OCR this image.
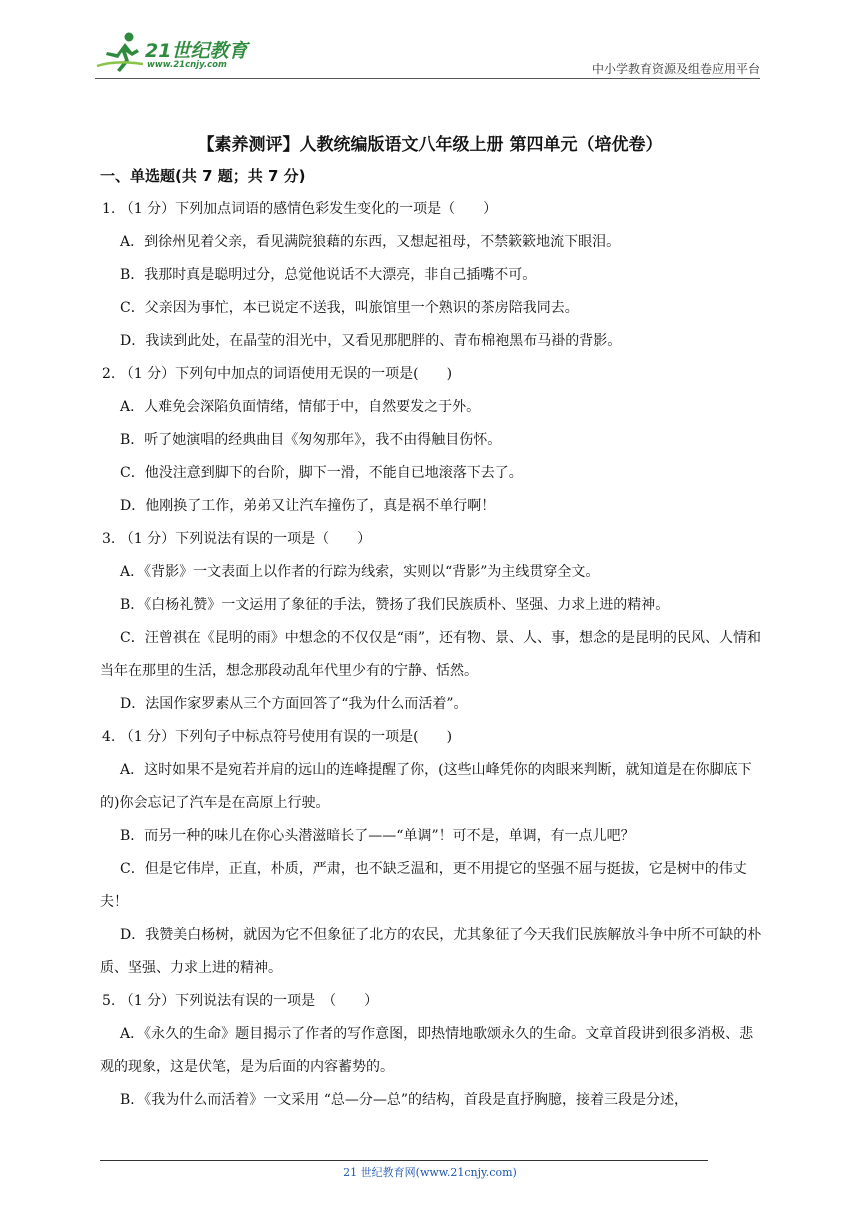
21世纪教育
www.21cnjy.com	中小学教育资源及组卷应用平台
【素养测评】人教统编版语文八年级上册 第四单元（培优卷）
一、单选题(共 7 题；共 7 分)
1. （1 分）下列加点词语的感情色彩发生变化的一项是（　　）
A．到徐州见着父亲，看见满院狼藉的东西，又想起祖母，不禁簌簌地流下眼泪。
B．我那时真是聪明过分，总觉他说话不大漂亮，非自己插嘴不可。
C．父亲因为事忙，本已说定不送我，叫旅馆里一个熟识的茶房陪我同去。
D．我读到此处，在晶莹的泪光中，又看见那肥胖的、青布棉袍黑布马褂的背影。
2. （1 分）下列句中加点的词语使用无误的一项是(　　)
A．人难免会深陷负面情绪，情郁于中，自然要发之于外。
B．听了她演唱的经典曲目《匆匆那年》，我不由得触目伤怀。
C．他没注意到脚下的台阶，脚下一滑，不能自已地滚落下去了。
D．他刚换了工作，弟弟又让汽车撞伤了，真是祸不单行啊！
3. （1 分）下列说法有误的一项是（　　）
A．《背影》一文表面上以作者的行踪为线索，实则以“背影”为主线贯穿全文。
B．《白杨礼赞》一文运用了象征的手法，赞扬了我们民族质朴、坚强、力求上进的精神。
C．汪曾祺在《昆明的雨》中想念的不仅仅是“雨”，还有物、景、人、事，想念的是昆明的民风、人情和当年在那里的生活，想念那段动乱年代里少有的宁静、恬然。
D．法国作家罗素从三个方面回答了“我为什么而活着”。
4. （1 分）下列句子中标点符号使用有误的一项是(　　)
A．这时如果不是宛若并肩的远山的连峰提醒了你，(这些山峰凭你的肉眼来判断，就知道是在你脚底下的)你会忘记了汽车是在高原上行驶。
B．而另一种的味儿在你心头潜滋暗长了——“单调”！可不是，单调，有一点儿吧？
C．但是它伟岸，正直，朴质，严肃，也不缺乏温和，更不用提它的坚强不屈与挺拔，它是树中的伟丈夫！
D．我赞美白杨树，就因为它不但象征了北方的农民，尤其象征了今天我们民族解放斗争中所不可缺的朴质、坚强、力求上进的精神。
5. （1 分）下列说法有误的一项是　（　　）
A．《永久的生命》题目揭示了作者的写作意图，即热情地歌颂永久的生命。文章首段讲到很多消极、悲观的现象，这是伏笔，是为后面的内容蓄势的。
B．《我为什么而活着》一文采用 “总—分—总”的结构，首段是直抒胸臆，接着三段是分述，
21 世纪教育网(www.21cnjy.com)
